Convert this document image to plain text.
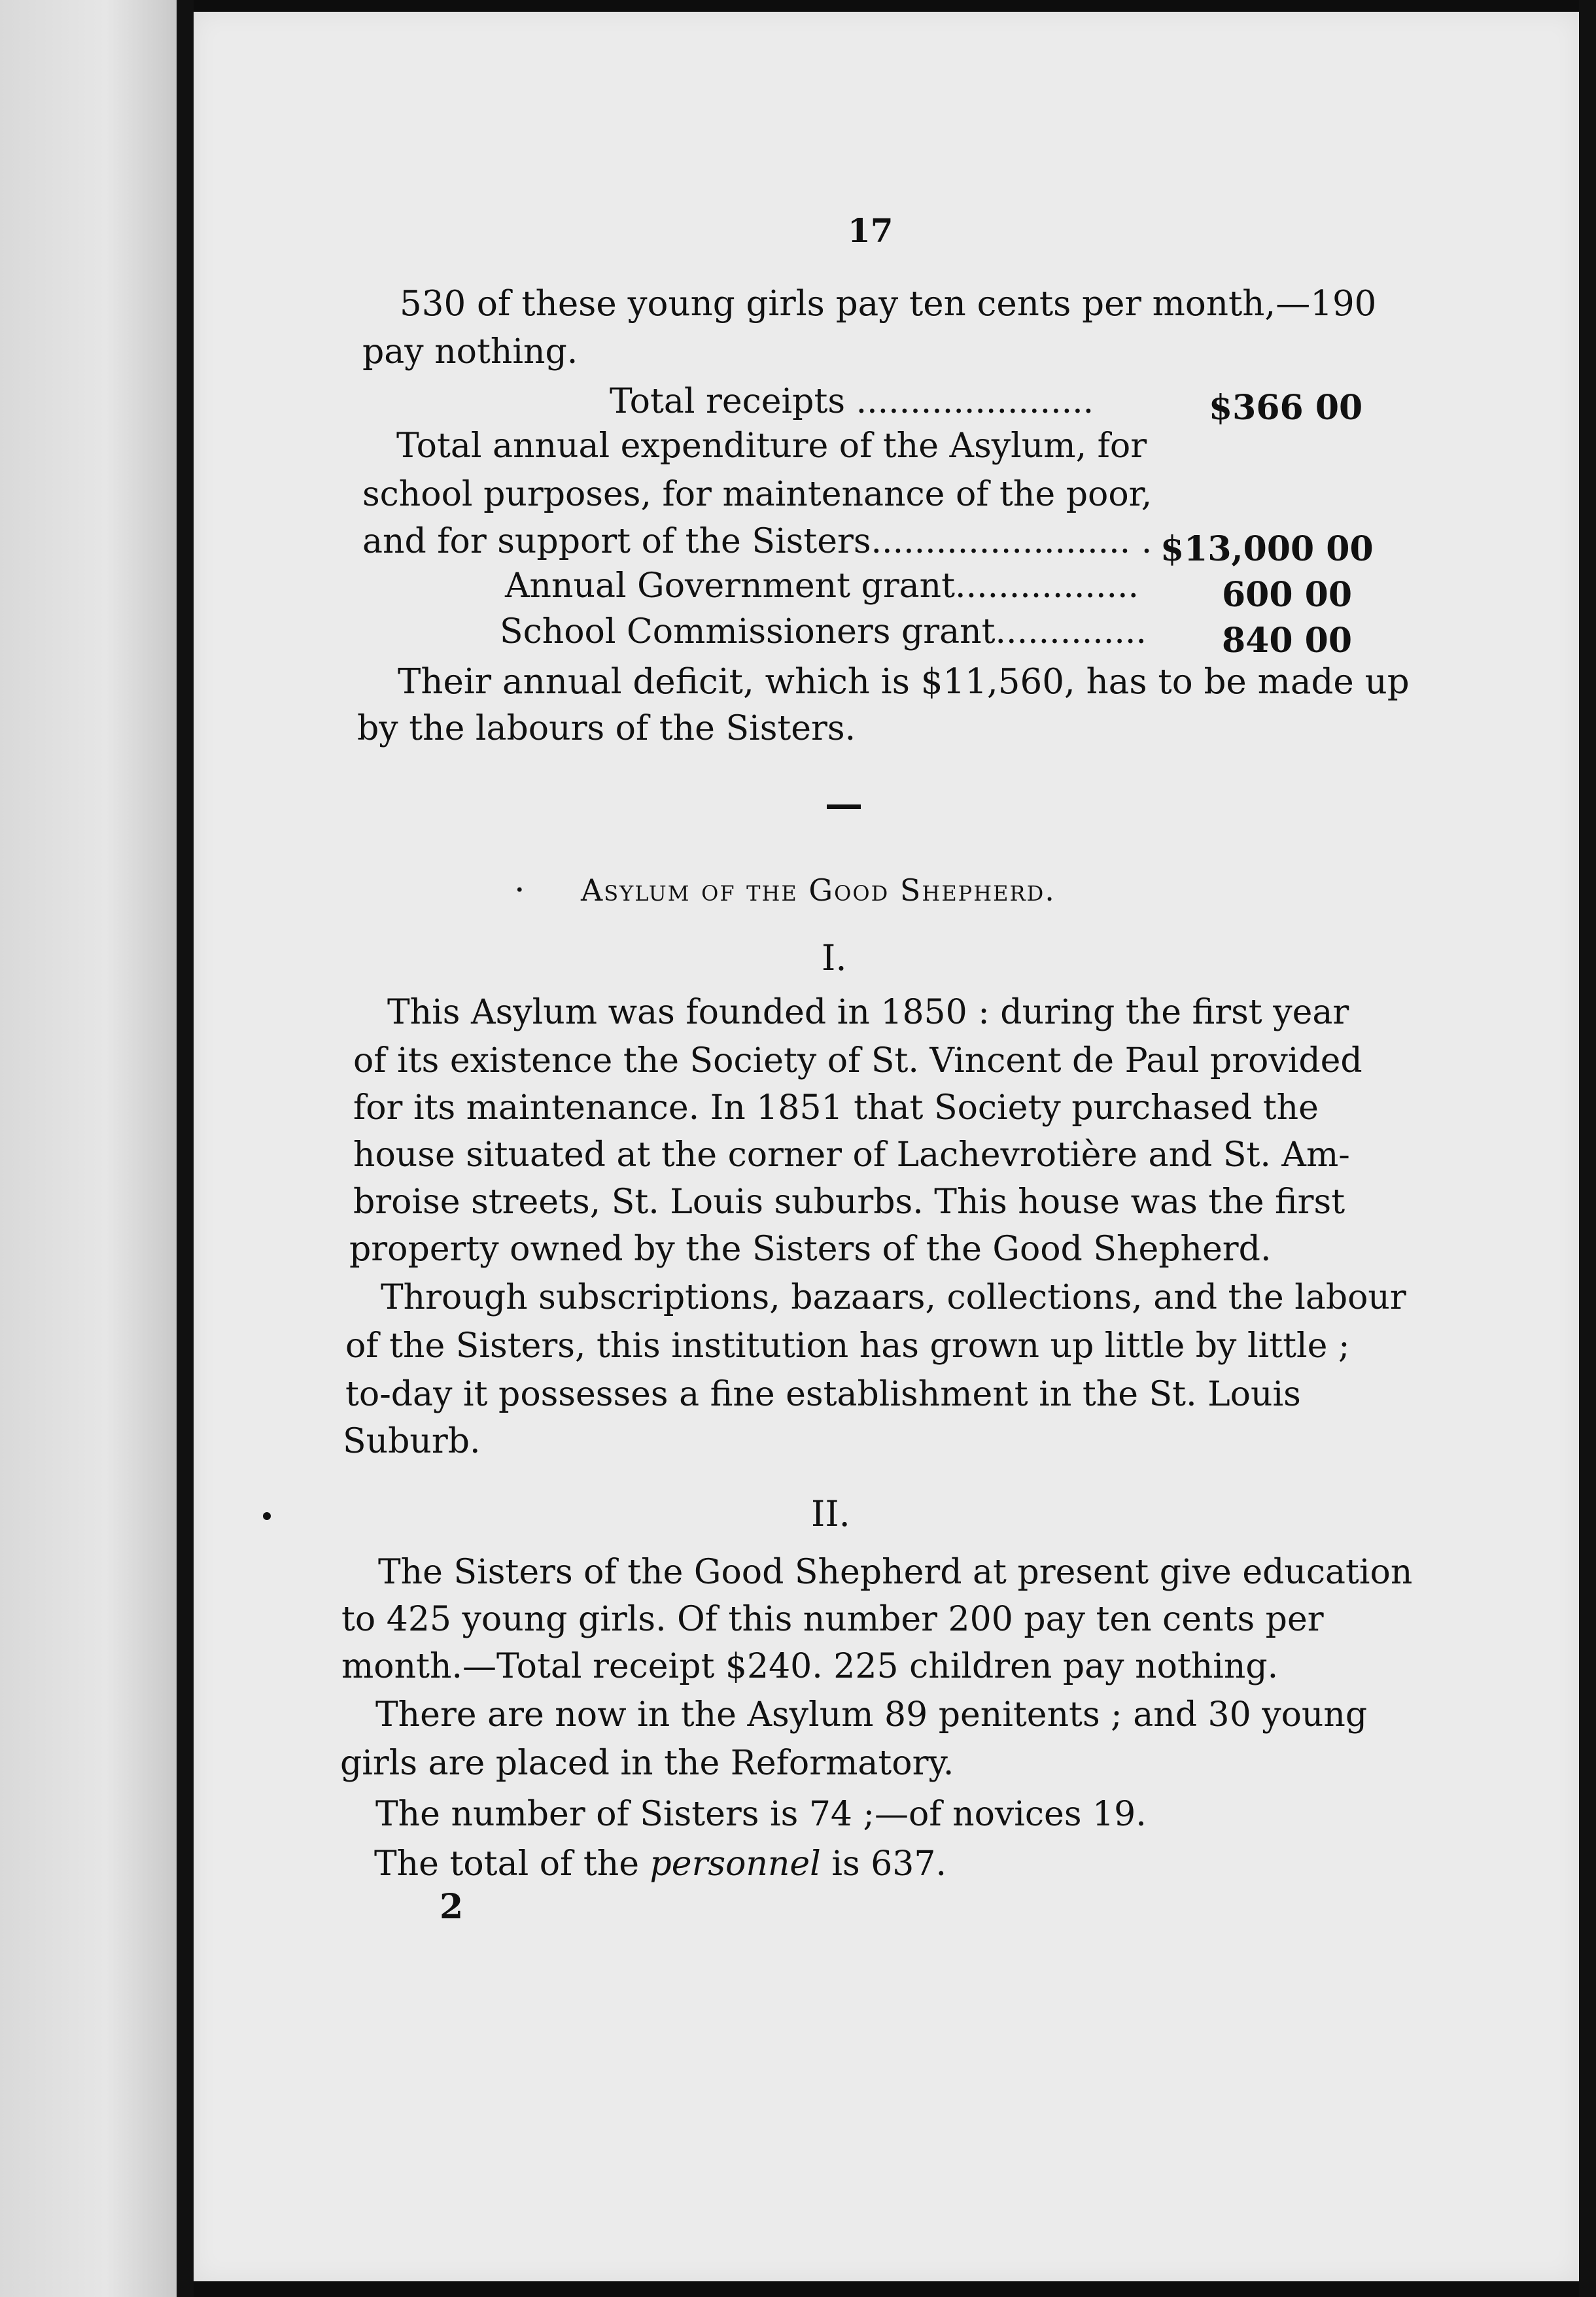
17
530 of these young girls pay ten cents per month,—190
pay nothing.
Total receipts ......................	$366 00
Total annual expenditure of the Asylum, for
school purposes, for maintenance of the poor,
and for support of the Sisters........................ . $13,000 00
Annual Government grant................. 600 00
School Commissioners grant.............. 840 00
Their annual deficit, which is $11,560, has to be made up
by the labours of the Sisters.
. Asylum of the Good Shepherd.
I.
This Asylum was founded in 1850 : during the first year
of its existence the Society of St. Vincent de Paul provided
for its maintenance. In 1851 that Society purchased the
house situated at the corner of Lachevrotière and St. Am-
broise streets, St. Louis suburbs. This house was the first
property owned by the Sisters of the Good Shepherd.
Through subscriptions, bazaars, collections, and the labour
of the Sisters, this institution has grown up little by little ;
to-day it possesses a fine establishment in the St. Louis
Suburb.
II.
The Sisters of the Good Shepherd at present give education
to 425 young girls. Of this number 200 pay ten cents per
month.—Total receipt $240. 225 children pay nothing.
There are now in the Asylum 89 penitents ; and 30 young
girls are placed in the Reformatory.
The number of Sisters is 74 ;—of novices 19.
The total of the personnel is 637.
2
